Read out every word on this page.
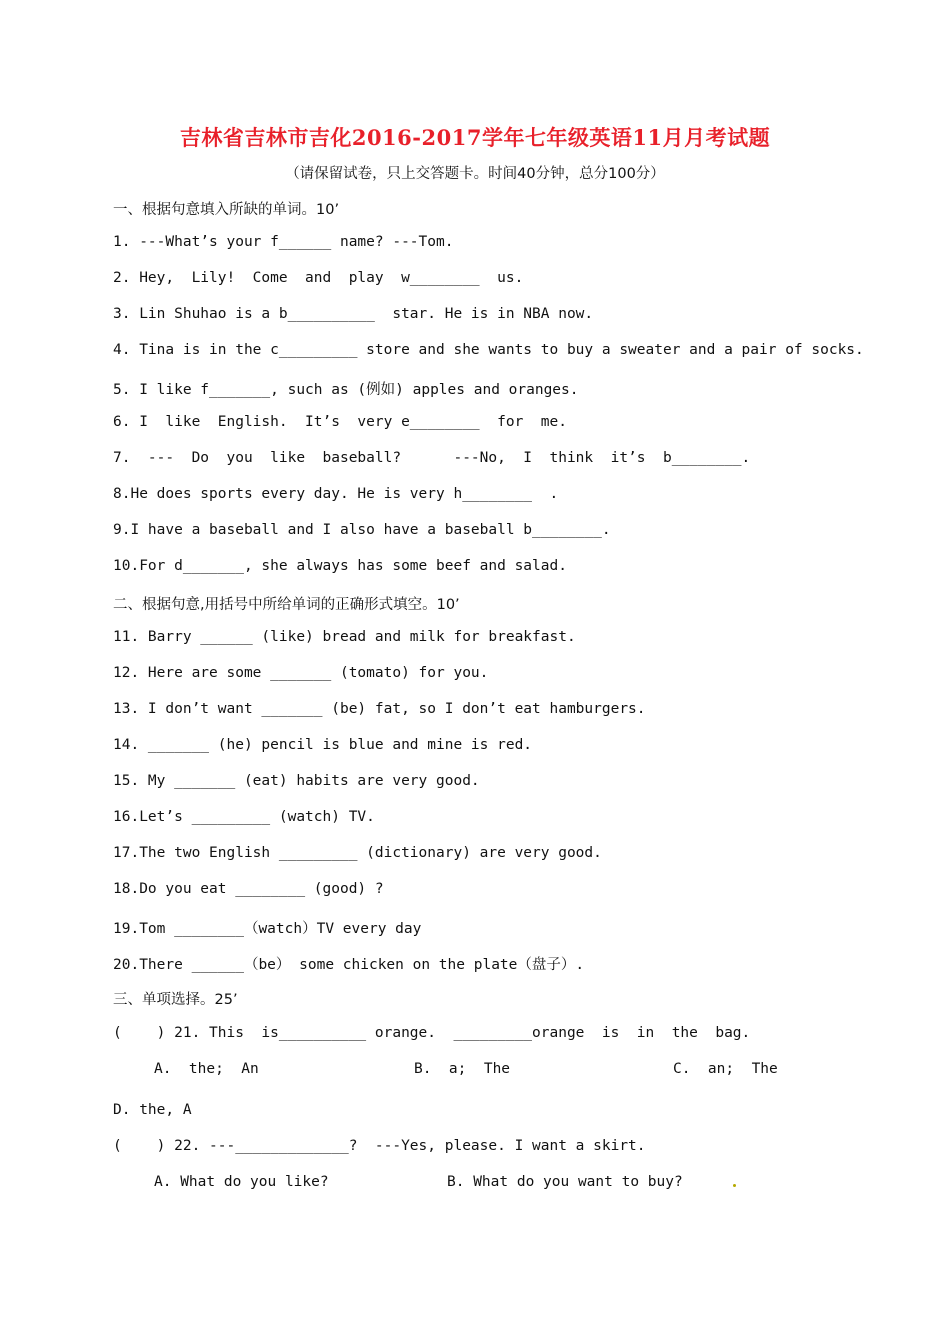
吉林省吉林市吉化2016-2017学年七年级英语11月月考试题
（请保留试卷，只上交答题卡。时间40分钟，总分100分）
一、根据句意填入所缺的单词。10’
1. ---What’s your f______ name? ---Tom.
2. Hey,  Lily!  Come  and  play  w________  us.
3. Lin Shuhao is a b__________  star. He is in NBA now.
4. Tina is in the c_________ store and she wants to buy a sweater and a pair of socks.
5. I like f_______, such as (例如) apples and oranges.
6. I  like  English.  It’s  very e________  for  me.
7.  ---  Do  you  like  baseball?      ---No,  I  think  it’s  b________.
8.He does sports every day. He is very h________  .
9.I have a baseball and I also have a baseball b________.
10.For d_______, she always has some beef and salad.
二、根据句意,用括号中所给单词的正确形式填空。10’
11. Barry ______ (like) bread and milk for breakfast.
12. Here are some _______ (tomato) for you.
13. I don’t want _______ (be) fat, so I don’t eat hamburgers.
14. _______ (he) pencil is blue and mine is red.
15. My _______ (eat) habits are very good.
16.Let’s _________ (watch) TV.
17.The two English _________ (dictionary) are very good.
18.Do you eat ________ (good) ?
19.Tom ________（watch）TV every day
20.There ______（be） some chicken on the plate（盘子）.
三、单项选择。25’
(    ) 21. This  is__________ orange.  _________orange  is  in  the  bag.
A.  the;  An	B.  a;  The	C.  an;  The
D. the, A
(    ) 22. ---_____________?  ---Yes, please. I want a skirt.
A. What do you like?	B. What do you want to buy?
